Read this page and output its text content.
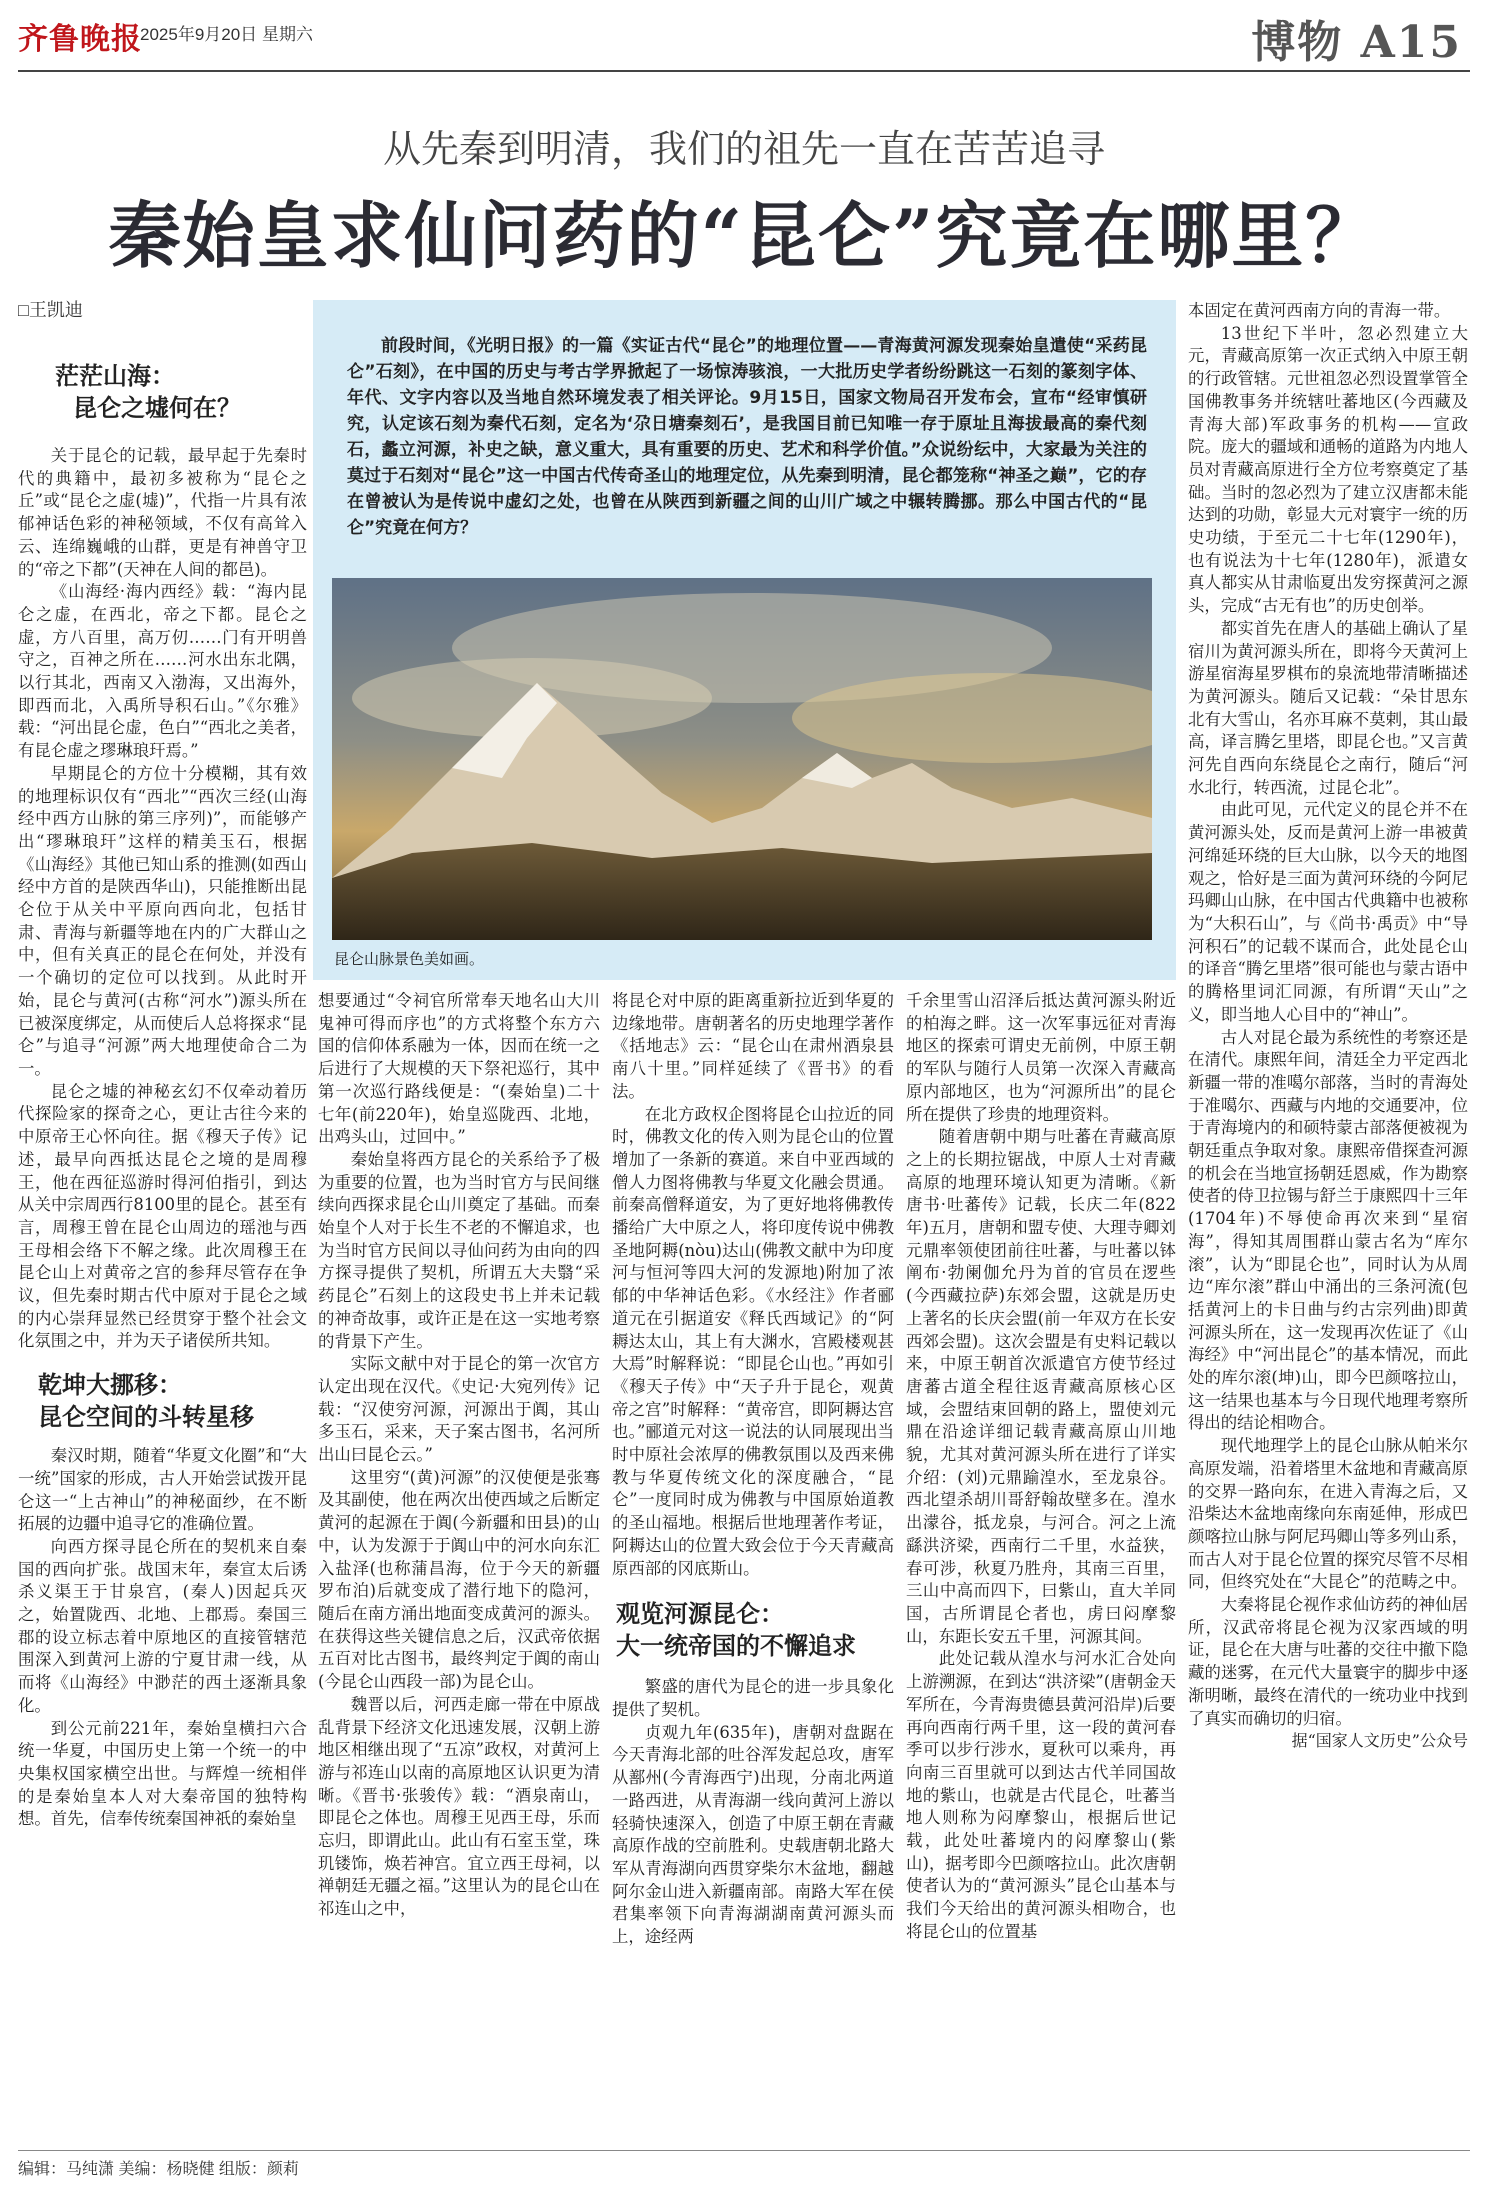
齐鲁晚报
2025年9月20日 星期六	博物 A15
从先秦到明清，我们的祖先一直在苦苦追寻
秦始皇求仙问药的“昆仑”究竟在哪里？
□王凯迪
前段时间，《光明日报》的一篇《实证古代“昆仑”的地理位置——青海黄河源发现秦始皇遣使“采药昆仑”石刻》，在中国的历史与考古学界掀起了一场惊涛骇浪，一大批历史学者纷纷跳这一石刻的篆刻字体、年代、文字内容以及当地自然环境发表了相关评论。9月15日，国家文物局召开发布会，宣布“经审慎研究，认定该石刻为秦代石刻，定名为‘尕日塘秦刻石’，是我国目前已知唯一存于原址且海拔最高的秦代刻石，蠡立河源，补史之缺，意义重大，具有重要的历史、艺术和科学价值。”众说纷纭中，大家最为关注的莫过于石刻对“昆仑”这一中国古代传奇圣山的地理定位，从先秦到明清，昆仑都笼称“神圣之巅”，它的存在曾被认为是传说中虚幻之处，也曾在从陕西到新疆之间的山川广域之中辗转腾挪。那么中国古代的“昆仑”究竟在何方？
昆仑山脉景色美如画。
茫茫山海：
昆仑之墟何在？

关于昆仑的记载，最早起于先秦时代的典籍中，最初多被称为“昆仑之丘”或“昆仑之虚(墟)”，代指一片具有浓郁神话色彩的神秘领域，不仅有高耸入云、连绵巍峨的山群，更是有神兽守卫的“帝之下都”(天神在人间的都邑)。

《山海经·海内西经》载：“海内昆仑之虚，在西北，帝之下都。昆仑之虚，方八百里，高万仞……门有开明兽守之，百神之所在……河水出东北隅，以行其北，西南又入渤海，又出海外，即西而北，入禹所导积石山。”《尔雅》载：“河出昆仑虚，色白”“西北之美者，有昆仑虚之璆琳琅玕焉。”

早期昆仑的方位十分模糊，其有效的地理标识仅有“西北”“西次三经(山海经中西方山脉的第三序列)”，而能够产出“璆琳琅玕”这样的精美玉石，根据《山海经》其他已知山系的推测(如西山经中方首的是陕西华山)，只能推断出昆仑位于从关中平原向西向北，包括甘肃、青海与新疆等地在内的广大群山之中，但有关真正的昆仑在何处，并没有一个确切的定位可以找到。从此时开始，昆仑与黄河(古称“河水”)源头所在已被深度绑定，从而使后人总将探求“昆仑”与追寻“河源”两大地理使命合二为一。

昆仑之墟的神秘玄幻不仅牵动着历代探险家的探奇之心，更让古往今来的中原帝王心怀向往。据《穆天子传》记述，最早向西抵达昆仑之境的是周穆王，他在西征巡游时得河伯指引，到达从关中宗周西行8100里的昆仑。甚至有言，周穆王曾在昆仑山周边的瑶池与西王母相会络下不解之缘。此次周穆王在昆仑山上对黄帝之宫的参拜尽管存在争议，但先秦时期古代中原对于昆仑之域的内心崇拜显然已经贯穿于整个社会文化氛围之中，并为天子诸侯所共知。

乾坤大挪移：
昆仑空间的斗转星移

秦汉时期，随着“华夏文化圈”和“大一统”国家的形成，古人开始尝试拨开昆仑这一“上古神山”的神秘面纱，在不断拓展的边疆中追寻它的准确位置。

向西方探寻昆仑所在的契机来自秦国的西向扩张。战国末年，秦宣太后诱杀义渠王于甘泉宫，(秦人)因起兵灭之，始置陇西、北地、上郡焉。秦国三郡的设立标志着中原地区的直接管辖范围深入到黄河上游的宁夏甘肃一线，从而将《山海经》中渺茫的西土逐渐具象化。

到公元前221年，秦始皇横扫六合统一华夏，中国历史上第一个统一的中央集权国家横空出世。与辉煌一统相伴的是秦始皇本人对大秦帝国的独特构想。首先，信奉传统秦国神祇的秦始皇

想要通过“令祠官所常奉天地名山大川鬼神可得而序也”的方式将整个东方六国的信仰体系融为一体，因而在统一之后进行了大规模的天下祭祀巡行，其中第一次巡行路线便是：“(秦始皇)二十七年(前220年)，始皇巡陇西、北地，出鸡头山，过回中。”

秦始皇将西方昆仑的关系给予了极为重要的位置，也为当时官方与民间继续向西探求昆仑山川奠定了基础。而秦始皇个人对于长生不老的不懈追求，也为当时官方民间以寻仙问药为由向的四方探寻提供了契机，所谓五大夫翳“采药昆仑”石刻上的这段史书上并未记载的神奇故事，或许正是在这一实地考察的背景下产生。

实际文献中对于昆仑的第一次官方认定出现在汉代。《史记·大宛列传》记载：“汉使穷河源，河源出于阗，其山多玉石，采来，天子案古图书，名河所出山曰昆仑云。”

这里穷“(黄)河源”的汉使便是张骞及其副使，他在两次出使西域之后断定黄河的起源在于阗(今新疆和田县)的山中，认为发源于于阗山中的河水向东汇入盐泽(也称蒲昌海，位于今天的新疆罗布泊)后就变成了潜行地下的隐河，随后在南方涌出地面变成黄河的源头。在获得这些关键信息之后，汉武帝依据五百对比古图书，最终判定于阗的南山(今昆仑山西段一部)为昆仑山。

魏晋以后，河西走廊一带在中原战乱背景下经济文化迅速发展，汉朝上游地区相继出现了“五凉”政权，对黄河上游与祁连山以南的高原地区认识更为清晰。《晋书·张骏传》载：“酒泉南山，即昆仑之体也。周穆王见西王母，乐而忘归，即谓此山。此山有石室玉堂，珠玑镂饰，焕若神宫。宜立西王母祠，以禅朝廷无疆之福。”这里认为的昆仑山在祁连山之中，

将昆仑对中原的距离重新拉近到华夏的边缘地带。唐朝著名的历史地理学著作《括地志》云：“昆仑山在肃州酒泉县南八十里。”同样延续了《晋书》的看法。

在北方政权企图将昆仑山拉近的同时，佛教文化的传入则为昆仑山的位置增加了一条新的赛道。来自中亚西域的僧人力图将佛教与华夏文化融会贯通。前秦高僧释道安，为了更好地将佛教传播给广大中原之人，将印度传说中佛教圣地阿耨(nòu)达山(佛教文献中为印度河与恒河等四大河的发源地)附加了浓郁的中华神话色彩。《水经注》作者郦道元在引据道安《释氏西域记》的“阿耨达太山，其上有大渊水，宫殿楼观甚大焉”时解释说：“即昆仑山也。”再如引《穆天子传》中“天子升于昆仑，观黄帝之宫”时解释：“黄帝宫，即阿耨达宫也。”郦道元对这一说法的认同展现出当时中原社会浓厚的佛教氛围以及西来佛教与华夏传统文化的深度融合，“昆仑”一度同时成为佛教与中国原始道教的圣山福地。根据后世地理著作考证，阿耨达山的位置大致会位于今天青藏高原西部的冈底斯山。

观览河源昆仑：
大一统帝国的不懈追求

繁盛的唐代为昆仑的进一步具象化提供了契机。

贞观九年(635年)，唐朝对盘踞在今天青海北部的吐谷浑发起总攻，唐军从鄯州(今青海西宁)出现，分南北两道一路西进，从青海湖一线向黄河上游以轻骑快速深入，创造了中原王朝在青藏高原作战的空前胜利。史载唐朝北路大军从青海湖向西贯穿柴尔木盆地，翻越阿尔金山进入新疆南部。南路大军在侯君集率领下向青海湖湖南黄河源头而上，途经两

千余里雪山沼泽后抵达黄河源头附近的柏海之畔。这一次军事远征对青海地区的探索可谓史无前例，中原王朝的军队与随行人员第一次深入青藏高原内部地区，也为“河源所出”的昆仑所在提供了珍贵的地理资料。

随着唐朝中期与吐蕃在青藏高原之上的长期拉锯战，中原人士对青藏高原的地理环境认知更为清晰。《新唐书·吐蕃传》记载，长庆二年(822年)五月，唐朝和盟专使、大理寺卿刘元鼎率领使团前往吐蕃，与吐蕃以钵阐布·勃阑伽允丹为首的官员在逻些(今西藏拉萨)东郊会盟，这就是历史上著名的长庆会盟(前一年双方在长安西郊会盟)。这次会盟是有史料记载以来，中原王朝首次派遣官方使节经过唐蕃古道全程往返青藏高原核心区域，会盟结束回朝的路上，盟使刘元鼎在沿途详细记载青藏高原山川地貌，尤其对黄河源头所在进行了详实介绍：(刘)元鼎踰湟水，至龙泉谷。西北望杀胡川哥舒翰故壁多在。湟水出濛谷，抵龙泉，与河合。河之上流繇洪济梁，西南行二千里，水益狭，春可涉，秋夏乃胜舟，其南三百里，三山中高而四下，曰紫山，直大羊同国，古所谓昆仑者也，虏曰闷摩黎山，东距长安五千里，河源其间。

此处记载从湟水与河水汇合处向上游溯源，在到达“洪济梁”(唐朝金天军所在，今青海贵德县黄河沿岸)后要再向西南行两千里，这一段的黄河春季可以步行涉水，夏秋可以乘舟，再向南三百里就可以到达古代羊同国故地的紫山，也就是古代昆仑，吐蕃当地人则称为闷摩黎山，根据后世记载，此处吐蕃境内的闷摩黎山(紫山)，据考即今巴颜喀拉山。此次唐朝使者认为的“黄河源头”昆仑山基本与我们今天给出的黄河源头相吻合，也将昆仑山的位置基

本固定在黄河西南方向的青海一带。

13世纪下半叶，忽必烈建立大元，青藏高原第一次正式纳入中原王朝的行政管辖。元世祖忽必烈设置掌管全国佛教事务并统辖吐蕃地区(今西藏及青海大部)军政事务的机构——宣政院。庞大的疆域和通畅的道路为内地人员对青藏高原进行全方位考察奠定了基础。当时的忽必烈为了建立汉唐都未能达到的功勋，彰显大元对寰宇一统的历史功绩，于至元二十七年(1290年)，也有说法为十七年(1280年)，派遣女真人都实从甘肃临夏出发穷探黄河之源头，完成“古无有也”的历史创举。

都实首先在唐人的基础上确认了星宿川为黄河源头所在，即将今天黄河上游星宿海星罗棋布的泉流地带清晰描述为黄河源头。随后又记载：“朵甘思东北有大雪山，名亦耳麻不莫剌，其山最高，译言腾乞里塔，即昆仑也。”又言黄河先自西向东绕昆仑之南行，随后“河水北行，转西流，过昆仑北”。

由此可见，元代定义的昆仑并不在黄河源头处，反而是黄河上游一串被黄河绵延环绕的巨大山脉，以今天的地图观之，恰好是三面为黄河环绕的今阿尼玛卿山山脉，在中国古代典籍中也被称为“大积石山”，与《尚书·禹贡》中“导河积石”的记载不谋而合，此处昆仑山的译音“腾乞里塔”很可能也与蒙古语中的腾格里词汇同源，有所谓“天山”之义，即当地人心目中的“神山”。

古人对昆仑最为系统性的考察还是在清代。康熙年间，清廷全力平定西北新疆一带的准噶尔部落，当时的青海处于准噶尔、西藏与内地的交通要冲，位于青海境内的和硕特蒙古部落便被视为朝廷重点争取对象。康熙帝借探查河源的机会在当地宣扬朝廷恩威，作为勘察使者的侍卫拉锡与舒兰于康熙四十三年(1704年)不辱使命再次来到“星宿海”，得知其周围群山蒙古名为“库尔滚”，认为“即昆仑也”，同时认为从周边“库尔滚”群山中涌出的三条河流(包括黄河上的卡日曲与约古宗列曲)即黄河源头所在，这一发现再次佐证了《山海经》中“河出昆仑”的基本情况，而此处的库尔滚(坤)山，即今巴颜喀拉山，这一结果也基本与今日现代地理考察所得出的结论相吻合。

现代地理学上的昆仑山脉从帕米尔高原发端，沿着塔里木盆地和青藏高原的交界一路向东，在进入青海之后，又沿柴达木盆地南缘向东南延伸，形成巴颜喀拉山脉与阿尼玛卿山等多列山系，而古人对于昆仑位置的探究尽管不尽相同，但终究处在“大昆仑”的范畴之中。

大秦将昆仑视作求仙访药的神仙居所，汉武帝将昆仑视为汉家西域的明证，昆仑在大唐与吐蕃的交往中撤下隐藏的迷雾，在元代大量寰宇的脚步中逐渐明晰，最终在清代的一统功业中找到了真实而确切的归宿。

据“国家人文历史”公众号
编辑：马纯潇 美编：杨晓健 组版：颜莉
